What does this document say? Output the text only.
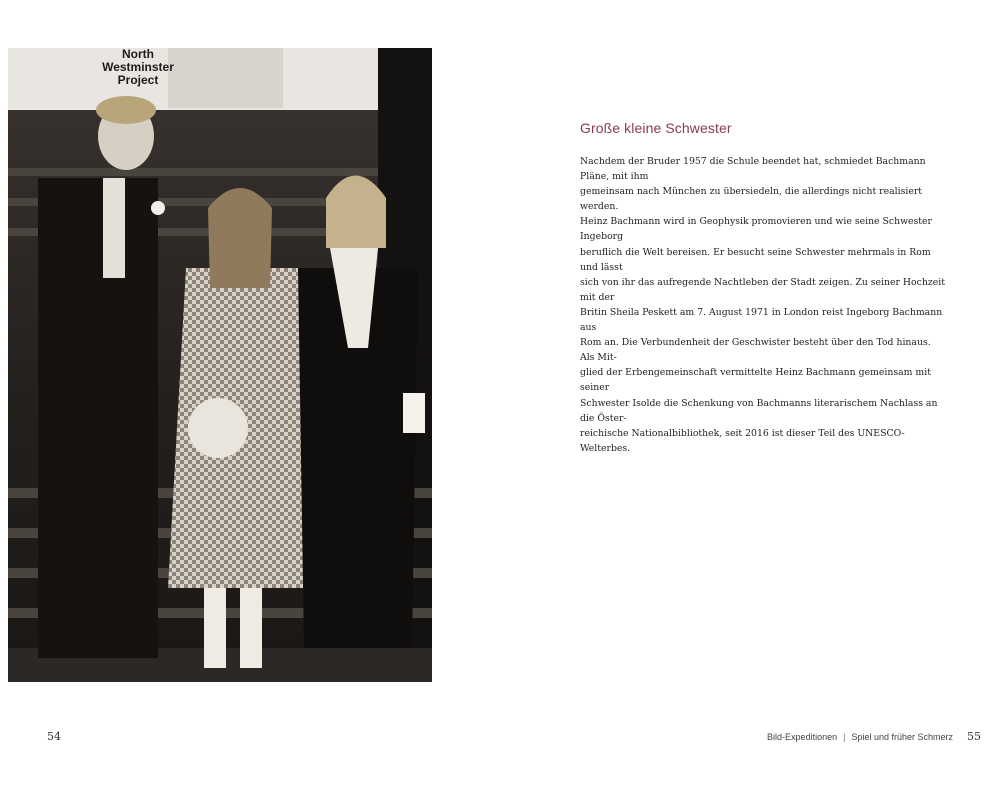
North
Westminster
Project
Große kleine Schwester

Nachdem der Bruder 1957 die Schule beendet hat, schmiedet Bachmann Pläne, mit ihm
gemeinsam nach München zu übersiedeln, die allerdings nicht realisiert werden.
Heinz Bachmann wird in Geophysik promovieren und wie seine Schwester Ingeborg
beruflich die Welt bereisen. Er besucht seine Schwester mehrmals in Rom und lässt
sich von ihr das aufregende Nachtleben der Stadt zeigen. Zu seiner Hochzeit mit der
Britin Sheila Peskett am 7. August 1971 in London reist Ingeborg Bachmann aus
Rom an. Die Verbundenheit der Geschwister besteht über den Tod hinaus. Als Mit-
glied der Erbengemeinschaft vermittelte Heinz Bachmann gemeinsam mit seiner
Schwester Isolde die Schenkung von Bachmanns literarischem Nachlass an die Öster-
reichische Nationalbibliothek, seit 2016 ist dieser Teil des UNESCO-Welterbes.

54	Bild-Expeditionen | Spiel und früher Schmerz 55
